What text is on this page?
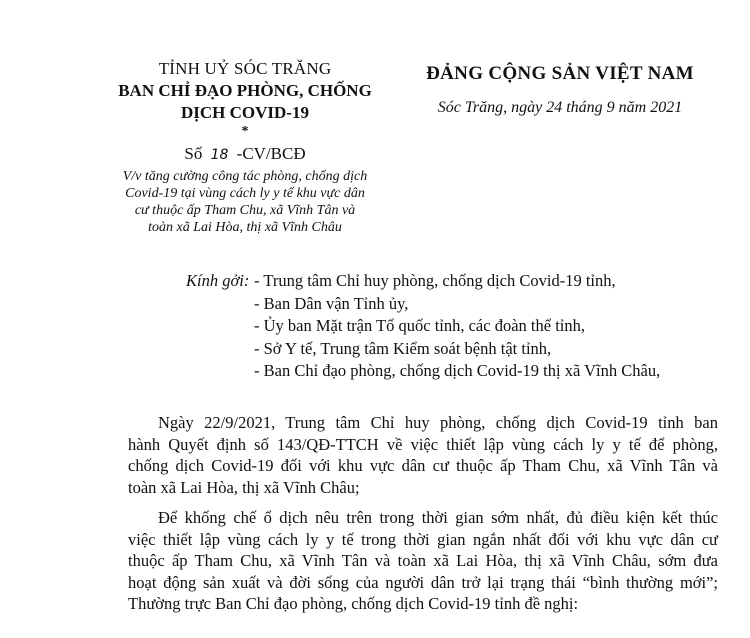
TỈNH UỶ SÓC TRĂNG
BAN CHỈ ĐẠO PHÒNG, CHỐNG
DỊCH COVID-19
*
Số 18 -CV/BCĐ
V/v tăng cường công tác phòng, chống dịch
Covid-19 tại vùng cách ly y tế khu vực dân
cư thuộc ấp Tham Chu, xã Vĩnh Tân và
toàn xã Lai Hòa, thị xã Vĩnh Châu
ĐẢNG CỘNG SẢN VIỆT NAM
Sóc Trăng, ngày 24 tháng 9 năm 2021
Kính gởi: - Trung tâm Chỉ huy phòng, chống dịch Covid-19 tỉnh,
- Ban Dân vận Tỉnh ủy,
- Ủy ban Mặt trận Tổ quốc tỉnh, các đoàn thể tỉnh,
- Sở Y tế, Trung tâm Kiểm soát bệnh tật tỉnh,
- Ban Chỉ đạo phòng, chống dịch Covid-19 thị xã Vĩnh Châu,
Ngày 22/9/2021, Trung tâm Chỉ huy phòng, chống dịch Covid-19 tỉnh ban
hành Quyết định số 143/QĐ-TTCH về việc thiết lập vùng cách ly y tế để phòng,
chống dịch Covid-19 đối với khu vực dân cư thuộc ấp Tham Chu, xã Vĩnh Tân và
toàn xã Lai Hòa, thị xã Vĩnh Châu;
Để khống chế ổ dịch nêu trên trong thời gian sớm nhất, đủ điều kiện kết thúc
việc thiết lập vùng cách ly y tế trong thời gian ngắn nhất đối với khu vực dân cư
thuộc ấp Tham Chu, xã Vĩnh Tân và toàn xã Lai Hòa, thị xã Vĩnh Châu, sớm đưa
hoạt động sản xuất và đời sống của người dân trở lại trạng thái “bình thường mới”;
Thường trực Ban Chỉ đạo phòng, chống dịch Covid-19 tỉnh đề nghị:
